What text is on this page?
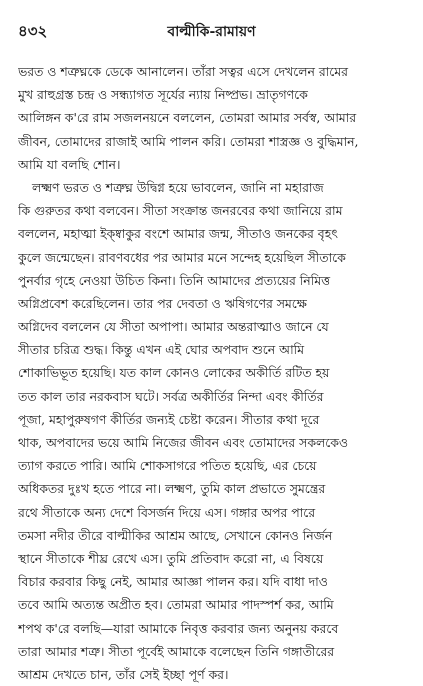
৪৩২	বাল্মীকি-রামায়ণ
ভরত ও শত্রুঘ্নকে ডেকে আনালেন। তাঁরা সত্বর এসে দেখলেন রামের
মুখ রাহুগ্রস্ত চন্দ্র ও সন্ধ্যাগত সূর্যের ন্যায় নিষ্প্রভ। ভ্রাতৃগণকে
আলিঙ্গন ক'রে রাম সজলনয়নে বললেন, তোমরা আমার সর্বস্ব, আমার
জীবন, তোমাদের রাজাই আমি পালন করি। তোমরা শাস্ত্রজ্ঞ ও বুদ্ধিমান,
আমি যা বলছি শোন।
লক্ষ্মণ ভরত ও শত্রুঘ্ন উদ্বিগ্ন হয়ে ভাবলেন, জানি না মহারাজ
কি গুরুতর কথা বলবেন। সীতা সংক্রান্ত জনরবের কথা জানিয়ে রাম
বললেন, মহাত্মা ইক্ষ্বাকুর বংশে আমার জন্ম, সীতাও জনকের বৃহৎ
কুলে জন্মেছেন। রাবণবধের পর আমার মনে সন্দেহ হয়েছিল সীতাকে
পুনর্বার গৃহে নেওয়া উচিত কিনা। তিনি আমাদের প্রত্যয়ের নিমিত্ত
অগ্নিপ্রবেশ করেছিলেন। তার পর দেবতা ও ঋষিগণের সমক্ষে
অগ্নিদেব বললেন যে সীতা অপাপা। আমার অন্তরাত্মাও জানে যে
সীতার চরিত্র শুদ্ধ। কিন্তু এখন এই ঘোর অপবাদ শুনে আমি
শোকাভিভূত হয়েছি। যত কাল কোনও লোকের অকীর্তি রটিত হয়
তত কাল তার নরকবাস ঘটে। সর্বত্র অকীর্তির নিন্দা এবং কীর্তির
পূজা, মহাপুরুষগণ কীর্তির জন্যই চেষ্টা করেন। সীতার কথা দূরে
থাক, অপবাদের ভয়ে আমি নিজের জীবন এবং তোমাদের সকলকেও
ত্যাগ করতে পারি। আমি শোকসাগরে পতিত হয়েছি, এর চেয়ে
অধিকতর দুঃখ হতে পারে না। লক্ষ্মণ, তুমি কাল প্রভাতে সুমন্ত্রের
রথে সীতাকে অন্য দেশে বিসর্জন দিয়ে এস। গঙ্গার অপর পারে
তমসা নদীর তীরে বাল্মীকির আশ্রম আছে, সেখানে কোনও নির্জন
স্থানে সীতাকে শীঘ্র রেখে এস। তুমি প্রতিবাদ করো না, এ বিষয়ে
বিচার করবার কিছু নেই, আমার আজ্ঞা পালন কর। যদি বাধা দাও
তবে আমি অত্যন্ত অপ্রীত হব। তোমরা আমার পাদস্পর্শ কর, আমি
শপথ ক'রে বলছি—যারা আমাকে নিবৃত্ত করবার জন্য অনুনয় করবে
তারা আমার শত্রু। সীতা পূর্বেই আমাকে বলেছেন তিনি গঙ্গাতীরের
আশ্রম দেখতে চান, তাঁর সেই ইচ্ছা পূর্ণ কর।
